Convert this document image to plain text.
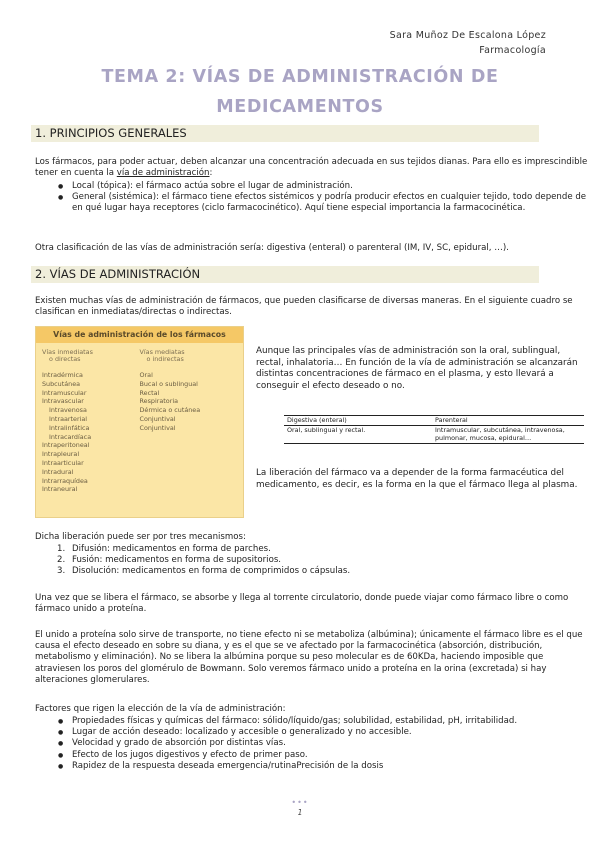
Sara Muñoz De Escalona López
Farmacología
TEMA 2: VÍAS DE ADMINISTRACIÓN DE
MEDICAMENTOS
1. PRINCIPIOS GENERALES
Los fármacos, para poder actuar, deben alcanzar una concentración adecuada en sus tejidos dianas. Para ello es imprescindible tener en cuenta la vía de administración:
● Local (tópica): el fármaco actúa sobre el lugar de administración.
● General (sistémica): el fármaco tiene efectos sistémicos y podría producir efectos en cualquier tejido, todo depende de en qué lugar haya receptores (ciclo farmacocinético). Aquí tiene especial importancia la farmacocinética.
Otra clasificación de las vías de administración sería: digestiva (enteral) o parenteral (IM, IV, SC, epidural, …).
2. VÍAS DE ADMINISTRACIÓN
Existen muchas vías de administración de fármacos, que pueden clasificarse de diversas maneras. En el siguiente cuadro se clasifican en inmediatas/directas o indirectas.
Vías de administración de los fármacos
Vías inmediatas
o directas
Intradérmica
Subcutánea
Intramuscular
Intravascular
Intravenosa
Intraarterial
Intralinfática
Intracardíaca
Intraperitoneal
Intrapleural
Intraarticular
Intradural
Intrarraquídea
Intraneural
Vías mediatas
o indirectas
Oral
Bucal o sublingual
Rectal
Respiratoria
Dérmica o cutánea
Conjuntival
Conjuntival
Aunque las principales vías de administración son la oral, sublingual, rectal, inhalatoria… En función de la vía de administración se alcanzarán distintas concentraciones de fármaco en el plasma, y esto llevará a conseguir el efecto deseado o no.
Digestiva (enteral)	Parenteral
Oral, sublingual y rectal.	Intramuscular, subcutánea, intravenosa, pulmonar, mucosa, epidural…
La liberación del fármaco va a depender de la forma farmacéutica del medicamento, es decir, es la forma en la que el fármaco llega al plasma.
Dicha liberación puede ser por tres mecanismos:
1. Difusión: medicamentos en forma de parches.
2. Fusión: medicamentos en forma de supositorios.
3. Disolución: medicamentos en forma de comprimidos o cápsulas.
Una vez que se libera el fármaco, se absorbe y llega al torrente circulatorio, donde puede viajar como fármaco libre o como fármaco unido a proteína.
El unido a proteína solo sirve de transporte, no tiene efecto ni se metaboliza (albúmina); únicamente el fármaco libre es el que causa el efecto deseado en sobre su diana, y es el que se ve afectado por la farmacocinética (absorción, distribución, metabolismo y eliminación). No se libera la albúmina porque su peso molecular es de 60KDa, haciendo imposible que atraviesen los poros del glomérulo de Bowmann. Solo veremos fármaco unido a proteína en la orina (excretada) si hay alteraciones glomerulares.
Factores que rigen la elección de la vía de administración:
● Propiedades físicas y químicas del fármaco: sólido/líquido/gas; solubilidad, estabilidad, pH, irritabilidad.
● Lugar de acción deseado: localizado y accesible o generalizado y no accesible.
● Velocidad y grado de absorción por distintas vías.
● Efecto de los jugos digestivos y efecto de primer paso.
● Rapidez de la respuesta deseada emergencia/rutinaPrecisión de la dosis
•••
1
